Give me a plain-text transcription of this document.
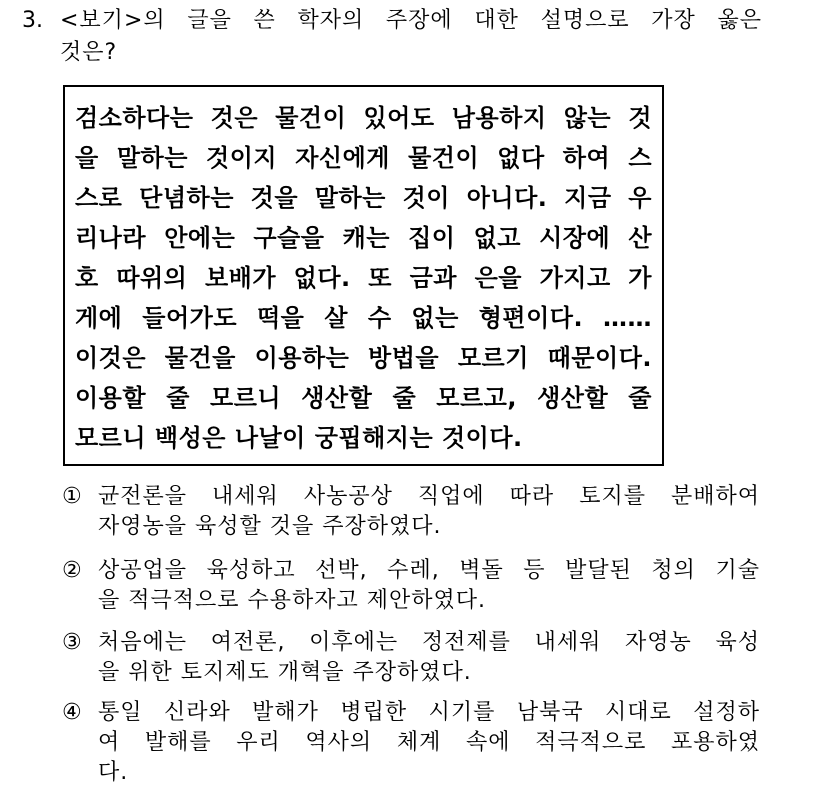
3. <보기>의 글을 쓴 학자의 주장에 대한 설명으로 가장 옳은
것은?
검소하다는 것은 물건이 있어도 남용하지 않는 것
을 말하는 것이지 자신에게 물건이 없다 하여 스
스로 단념하는 것을 말하는 것이 아니다. 지금 우
리나라 안에는 구슬을 캐는 집이 없고 시장에 산
호 따위의 보배가 없다. 또 금과 은을 가지고 가
게에 들어가도 떡을 살 수 없는 형편이다. ……
이것은 물건을 이용하는 방법을 모르기 때문이다.
이용할 줄 모르니 생산할 줄 모르고, 생산할 줄
모르니 백성은 나날이 궁핍해지는 것이다.
① 균전론을 내세워 사농공상 직업에 따라 토지를 분배하여
자영농을 육성할 것을 주장하였다.
② 상공업을 육성하고 선박, 수레, 벽돌 등 발달된 청의 기술
을 적극적으로 수용하자고 제안하였다.
③ 처음에는 여전론, 이후에는 정전제를 내세워 자영농 육성
을 위한 토지제도 개혁을 주장하였다.
④ 통일 신라와 발해가 병립한 시기를 남북국 시대로 설정하
여 발해를 우리 역사의 체계 속에 적극적으로 포용하였
다.
